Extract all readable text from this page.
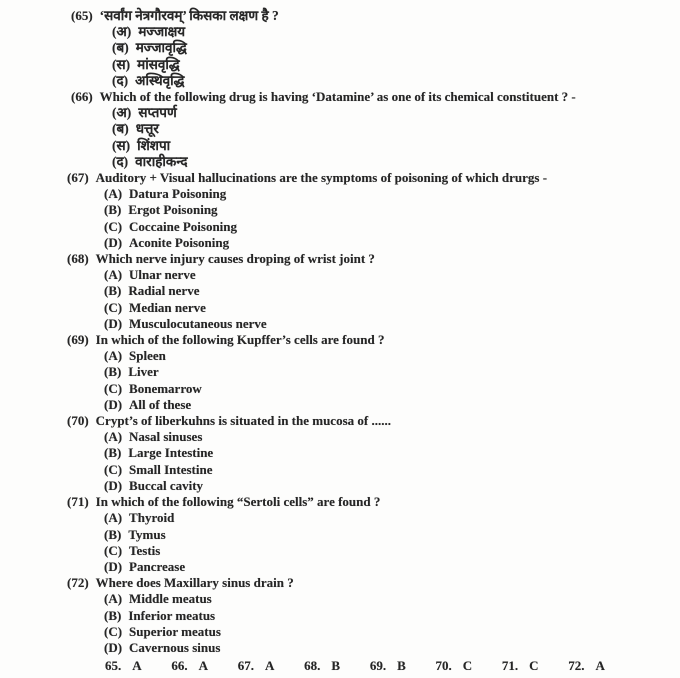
(65) ‘सर्वांग नेत्रगौरवम्’ किसका लक्षण है ?
(अ) मज्जाक्षय
(ब) मज्जावृद्धि
(स) मांसवृद्धि
(द) अस्थिवृद्धि
(66) Which of the following drug is having ‘Datamine’ as one of its chemical constituent ? -
(अ) सप्तपर्ण
(ब) धत्तूर
(स) शिंशपा
(द) वाराहीकन्द
(67) Auditory + Visual hallucinations are the symptoms of poisoning of which drurgs -
(A) Datura Poisoning
(B) Ergot Poisoning
(C) Coccaine Poisoning
(D) Aconite Poisoning
(68) Which nerve injury causes droping of wrist joint ?
(A) Ulnar nerve
(B) Radial nerve
(C) Median nerve
(D) Musculocutaneous nerve
(69) In which of the following Kupffer’s cells are found ?
(A) Spleen
(B) Liver
(C) Bonemarrow
(D) All of these
(70) Crypt’s of liberkuhns is situated in the mucosa of ......
(A) Nasal sinuses
(B) Large Intestine
(C) Small Intestine
(D) Buccal cavity
(71) In which of the following “Sertoli cells” are found ?
(A) Thyroid
(B) Tymus
(C) Testis
(D) Pancrease
(72) Where does Maxillary sinus drain ?
(A) Middle meatus
(B) Inferior meatus
(C) Superior meatus
(D) Cavernous sinus
65. A 66. A 67. A 68. B 69. B 70. C 71. C 72. A
